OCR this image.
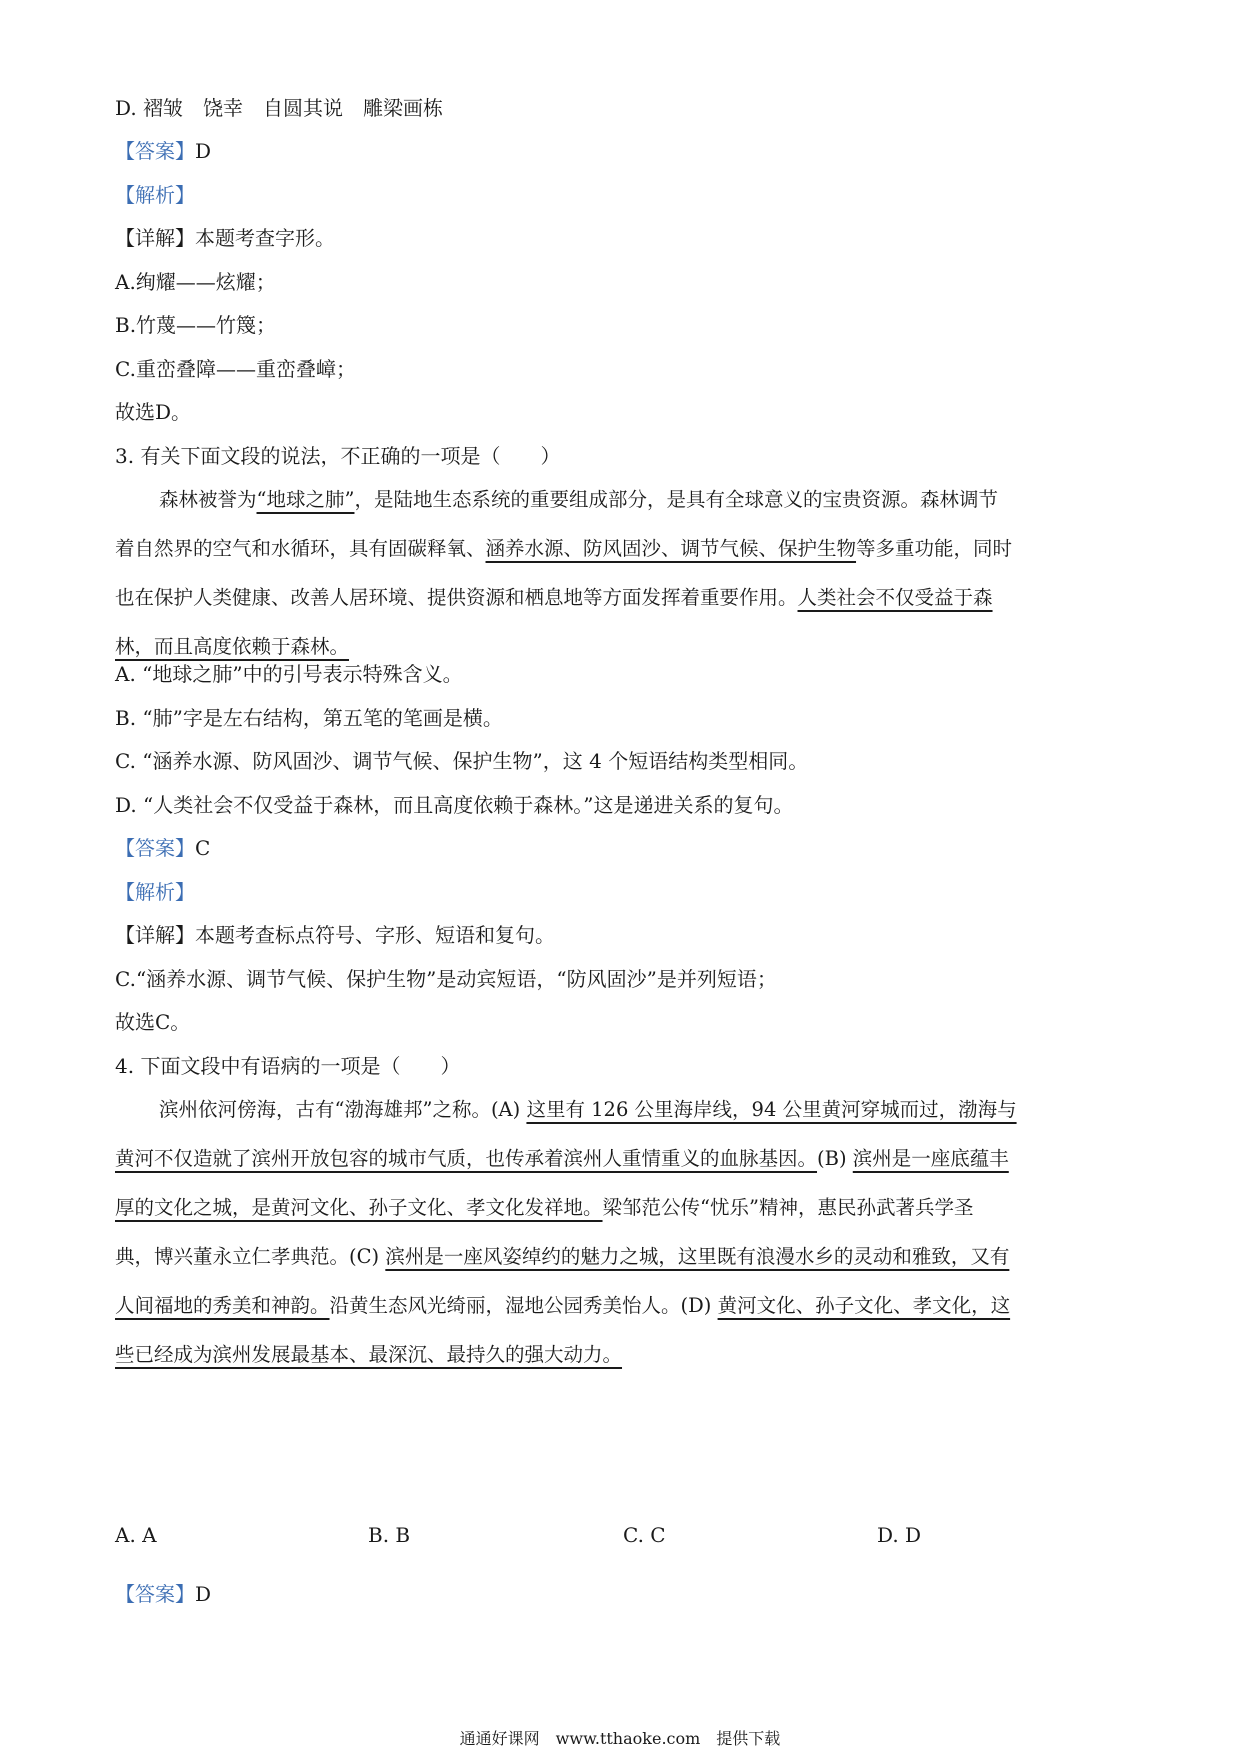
D. 褶皱　饶幸　自圆其说　雕梁画栋
【答案】D
【解析】
【详解】本题考查字形。
A.绚耀——炫耀；
B.竹蔑——竹篾；
C.重峦叠障——重峦叠嶂；
故选D。
3. 有关下面文段的说法，不正确的一项是（　　）

森林被誉为“地球之肺”，是陆地生态系统的重要组成部分，是具有全球意义的宝贵资源。森林调节

着自然界的空气和水循环，具有固碳释氧、涵养水源、防风固沙、调节气候、保护生物等多重功能，同时

也在保护人类健康、改善人居环境、提供资源和栖息地等方面发挥着重要作用。人类社会不仅受益于森

林，而且高度依赖于森林。

A. “地球之肺”中的引号表示特殊含义。
B. “肺”字是左右结构，第五笔的笔画是横。
C. “涵养水源、防风固沙、调节气候、保护生物”，这 4 个短语结构类型相同。
D. “人类社会不仅受益于森林，而且高度依赖于森林。”这是递进关系的复句。
【答案】C
【解析】
【详解】本题考查标点符号、字形、短语和复句。
C.“涵养水源、调节气候、保护生物”是动宾短语，“防风固沙”是并列短语；
故选C。
4. 下面文段中有语病的一项是（　　）

滨州依河傍海，古有“渤海雄邦”之称。(A) 这里有 126 公里海岸线，94 公里黄河穿城而过，渤海与

黄河不仅造就了滨州开放包容的城市气质，也传承着滨州人重情重义的血脉基因。(B) 滨州是一座底蕴丰

厚的文化之城，是黄河文化、孙子文化、孝文化发祥地。梁邹范公传“忧乐”精神，惠民孙武著兵学圣

典，博兴董永立仁孝典范。(C) 滨州是一座风姿绰约的魅力之城，这里既有浪漫水乡的灵动和雅致，又有

人间福地的秀美和神韵。沿黄生态风光绮丽，湿地公园秀美怡人。(D) 黄河文化、孙子文化、孝文化，这

些已经成为滨州发展最基本、最深沉、最持久的强大动力。

A. A	B. B	C. C	D. D
【答案】D
通通好课网　www.tthaoke.com　提供下载
